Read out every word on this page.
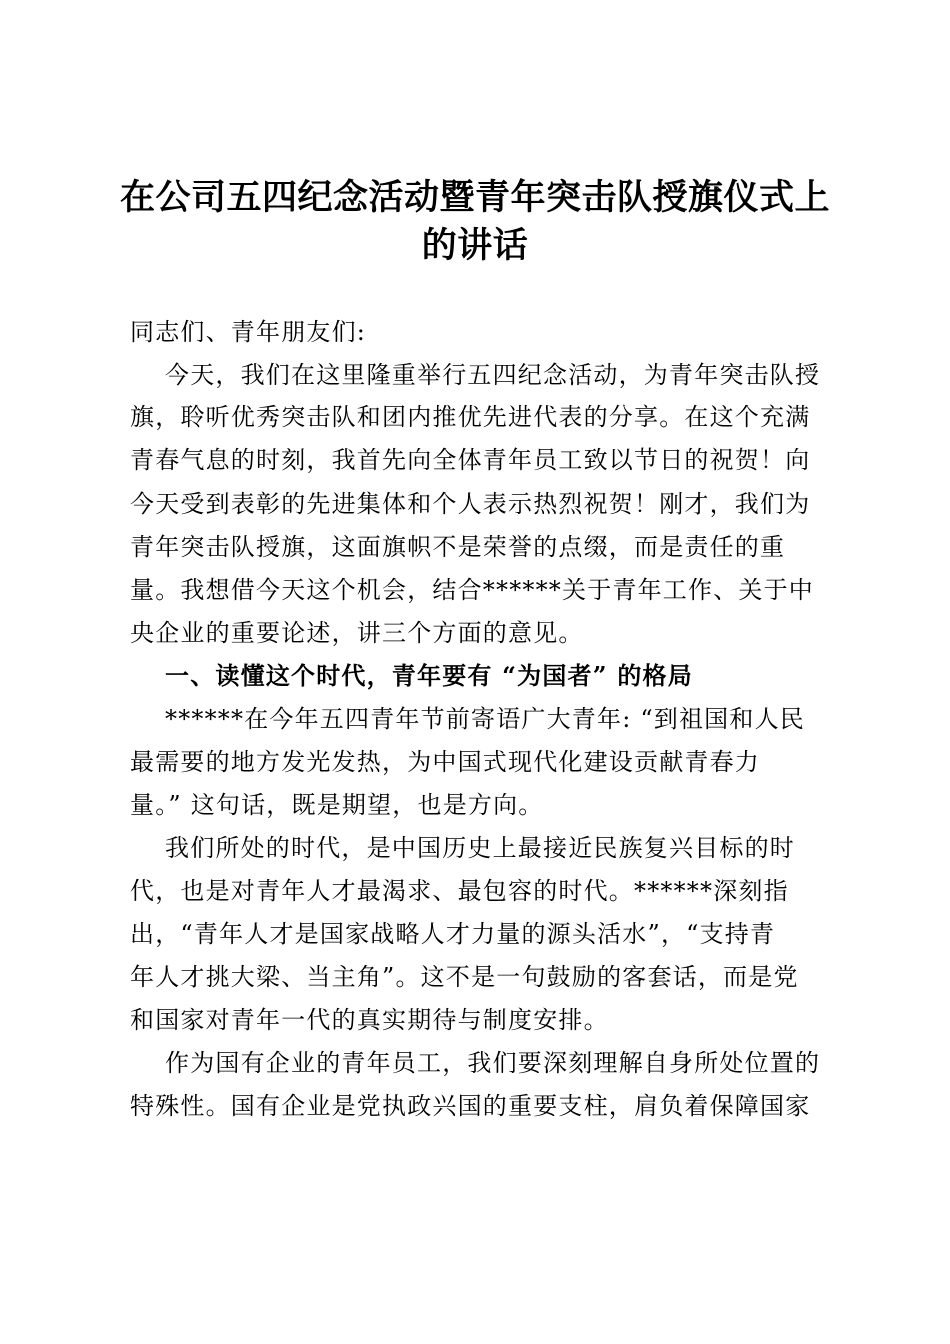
在公司五四纪念活动暨青年突击队授旗仪式上
的讲话
同志们、青年朋友们:
今天，我们在这里隆重举行五四纪念活动，为青年突击队授
旗，聆听优秀突击队和团内推优先进代表的分享。在这个充满
青春气息的时刻，我首先向全体青年员工致以节日的祝贺！向
今天受到表彰的先进集体和个人表示热烈祝贺！刚才，我们为
青年突击队授旗，这面旗帜不是荣誉的点缀，而是责任的重
量。我想借今天这个机会，结合******关于青年工作、关于中
央企业的重要论述，讲三个方面的意见。
一、读懂这个时代，青年要有 “为国者” 的格局
******在今年五四青年节前寄语广大青年: “到祖国和人民
最需要的地方发光发热，为中国式现代化建设贡献青春力
量。” 这句话，既是期望，也是方向。
我们所处的时代，是中国历史上最接近民族复兴目标的时
代，也是对青年人才最渴求、最包容的时代。******深刻指
出，“青年人才是国家战略人才力量的源头活水”，“支持青
年人才挑大梁、当主角”。这不是一句鼓励的客套话，而是党
和国家对青年一代的真实期待与制度安排。
作为国有企业的青年员工，我们要深刻理解自身所处位置的
特殊性。国有企业是党执政兴国的重要支柱，肩负着保障国家
